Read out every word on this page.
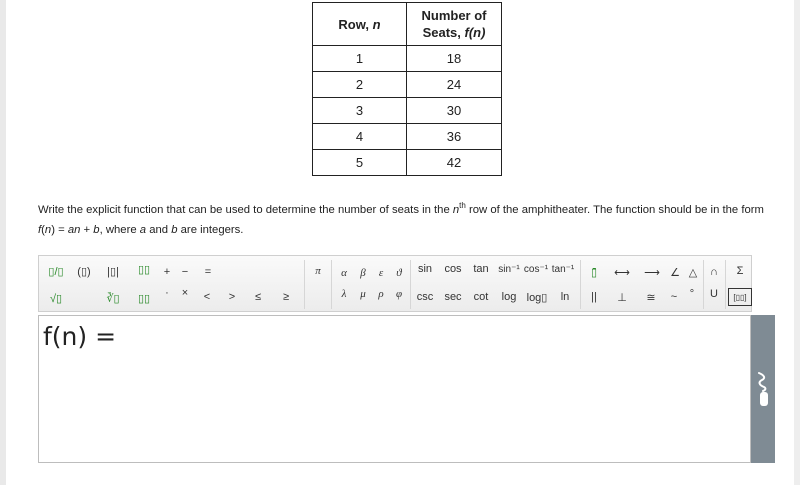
Row, n	Number of Seats, f(n)
1	18
2	24
3	30
4	36
5	42
Write the explicit function that can be used to determine the number of seats in the $n^{th}$ row of the amphitheater. The function should be in the form f(n) = an + b, where a and b are integers.
▯/▯ (▯)	|▯|	▯▯	+	−	=	π	α	β	ε	ϑ	sin	cos	tan sin⁻¹ cos⁻¹ tan⁻¹	▯̄	⟷ ⟶ ∠ △ ∩	Σ
√▯	∛▯	▯▯	·	×	<	>	≤	≥	λ	μ	ρ	φ	csc	sec	cot	log log▯	ln	||	⊥ ≅	~	°	U	[▯▯]
f(n) =
